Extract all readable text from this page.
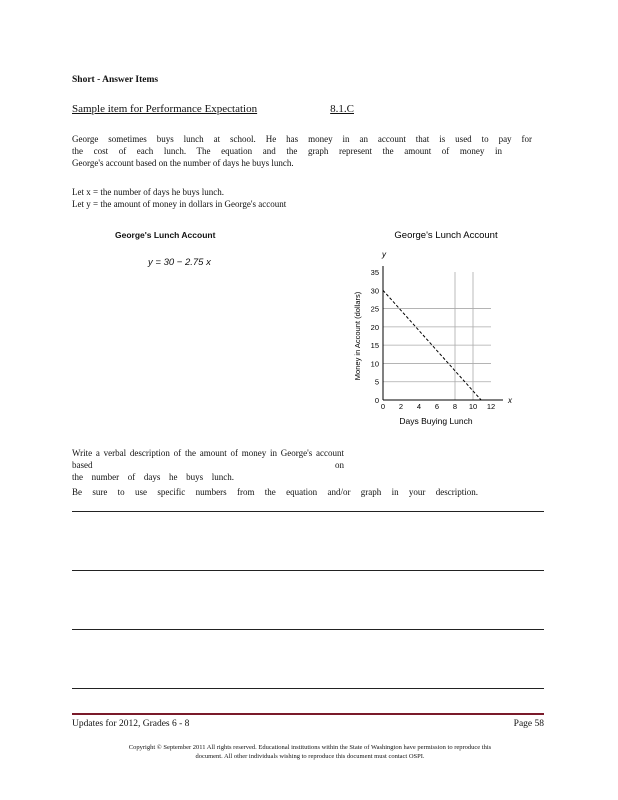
Short - Answer Items
Sample item for Performance Expectation	8.1.C
George sometimes buys lunch at school. He has money in an account that is used to pay for
the cost of each lunch. The equation and the graph represent the amount of money in
George's account based on the number of days he buys lunch.
Let x = the number of days he buys lunch.
Let y = the amount of money in dollars in George's account
George's Lunch Account
y = 30 − 2.75 x
George's Lunch Account
y
x
Money in Account (dollars)
Days Buying Lunch
0
5
10
15
20
25
30
35
0 2 4 6 8 10 12
Write a verbal description of the amount of money in George's account based on
the number of days he buys lunch.
Be sure to use specific numbers from the equation and/or graph in your description.
Updates for 2012, Grades 6 - 8	Page 58
Copyright © September 2011 All rights reserved. Educational institutions within the State of Washington have permission to reproduce this
document. All other individuals wishing to reproduce this document must contact OSPI.
